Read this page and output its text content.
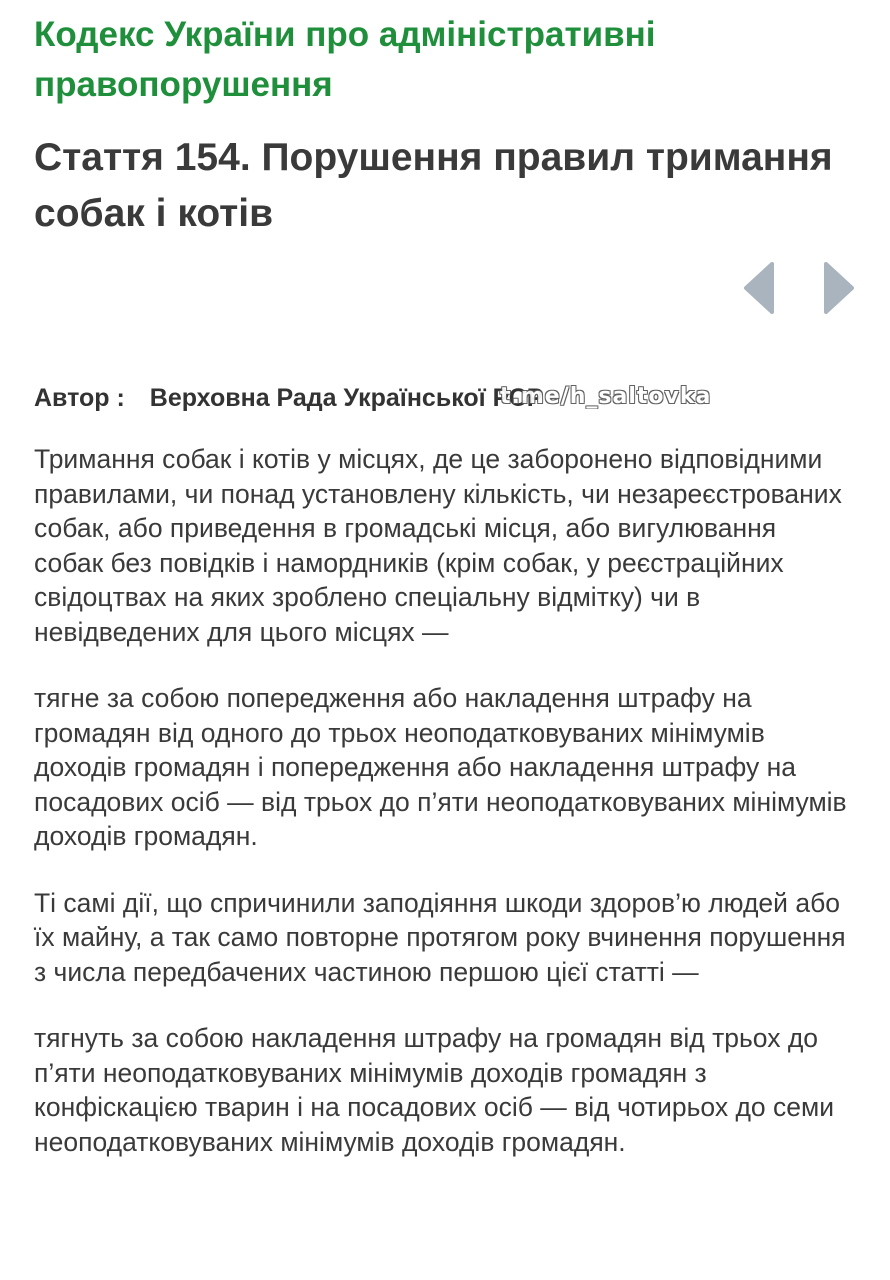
Кодекс України про адміністративні правопорушення
Стаття 154. Порушення правил тримання собак і котів
Автор : Верховна Рада Української РСР
t.me/h_saltovka

Тримання собак і котів у місцях, де це заборонено відповідними правилами, чи понад установлену кількість, чи незареєстрованих собак, або приведення в громадські місця, або вигулювання собак без повідків і намордників (крім собак, у реєстраційних свідоцтвах на яких зроблено спеціальну відмітку) чи в невідведених для цього місцях —

тягне за собою попередження або накладення штрафу на громадян від одного до трьох неоподатковуваних мінімумів доходів громадян і попередження або накладення штрафу на посадових осіб — від трьох до п’яти неоподатковуваних мінімумів доходів громадян.

Ті самі дії, що спричинили заподіяння шкоди здоров’ю людей або їх майну, а так само повторне протягом року вчинення порушення з числа передбачених частиною першою цієї статті —

тягнуть за собою накладення штрафу на громадян від трьох до п’яти неоподатковуваних мінімумів доходів громадян з конфіскацією тварин і на посадових осіб — від чотирьох до семи неоподатковуваних мінімумів доходів громадян.
